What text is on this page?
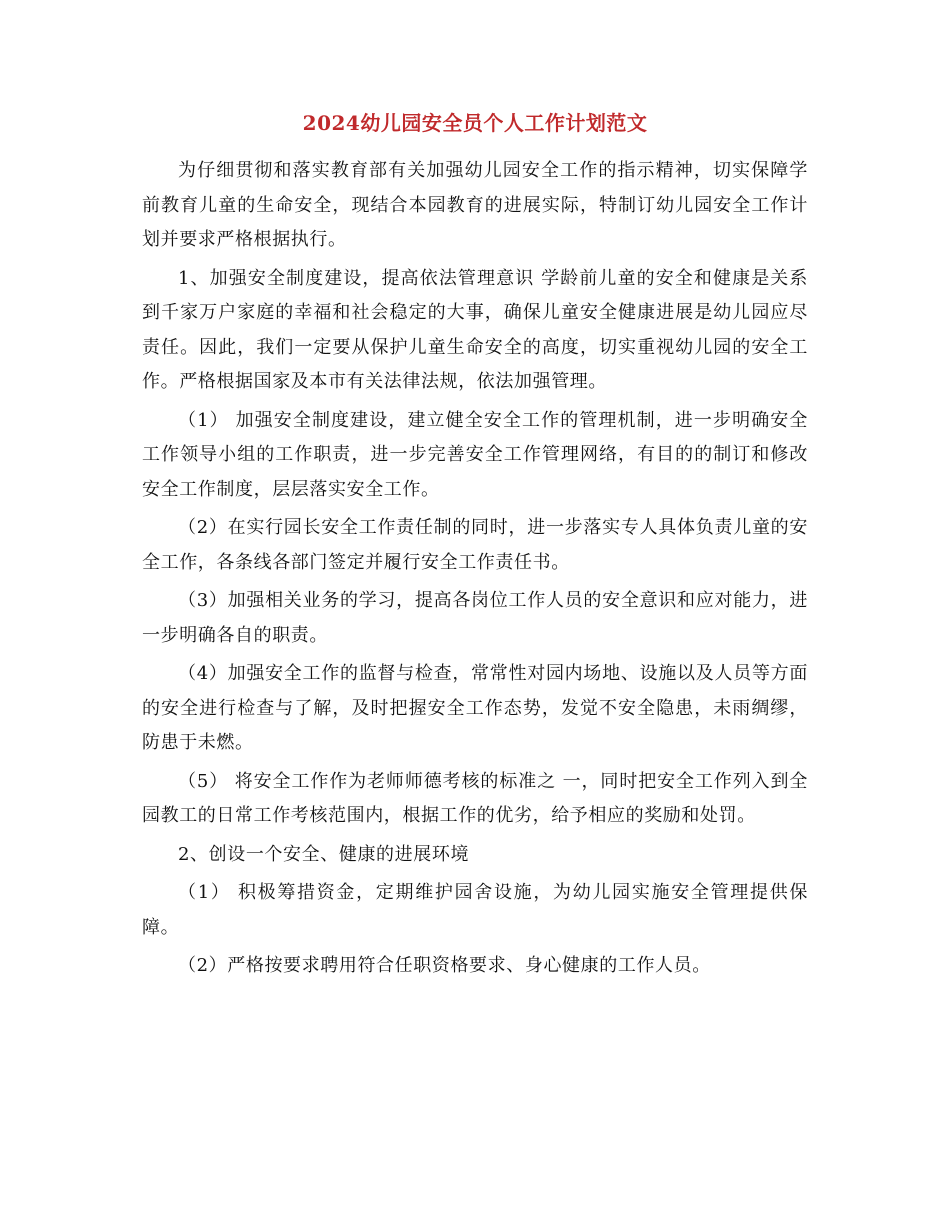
2024幼儿园安全员个人工作计划范文

为仔细贯彻和落实教育部有关加强幼儿园安全工作的指示精神，切实保障学前教育儿童的生命安全，现结合本园教育的进展实际，特制订幼儿园安全工作计划并要求严格根据执行。

1、加强安全制度建设，提高依法管理意识 学龄前儿童的安全和健康是关系到千家万户家庭的幸福和社会稳定的大事，确保儿童安全健康进展是幼儿园应尽责任。因此，我们一定要从保护儿童生命安全的高度，切实重视幼儿园的安全工作。严格根据国家及本市有关法律法规，依法加强管理。

（1） 加强安全制度建设，建立健全安全工作的管理机制，进一步明确安全工作领导小组的工作职责，进一步完善安全工作管理网络，有目的的制订和修改安全工作制度，层层落实安全工作。

（2）在实行园长安全工作责任制的同时，进一步落实专人具体负责儿童的安全工作，各条线各部门签定并履行安全工作责任书。

（3）加强相关业务的学习，提高各岗位工作人员的安全意识和应对能力，进一步明确各自的职责。

（4）加强安全工作的监督与检查，常常性对园内场地、设施以及人员等方面的安全进行检查与了解，及时把握安全工作态势，发觉不安全隐患，未雨绸缪，防患于未燃。

（5） 将安全工作作为老师师德考核的标准之 一，同时把安全工作列入到全园教工的日常工作考核范围内，根据工作的优劣，给予相应的奖励和处罚。

2、创设一个安全、健康的进展环境

（1） 积极筹措资金，定期维护园舍设施，为幼儿园实施安全管理提供保障。

（2）严格按要求聘用符合任职资格要求、身心健康的工作人员。
